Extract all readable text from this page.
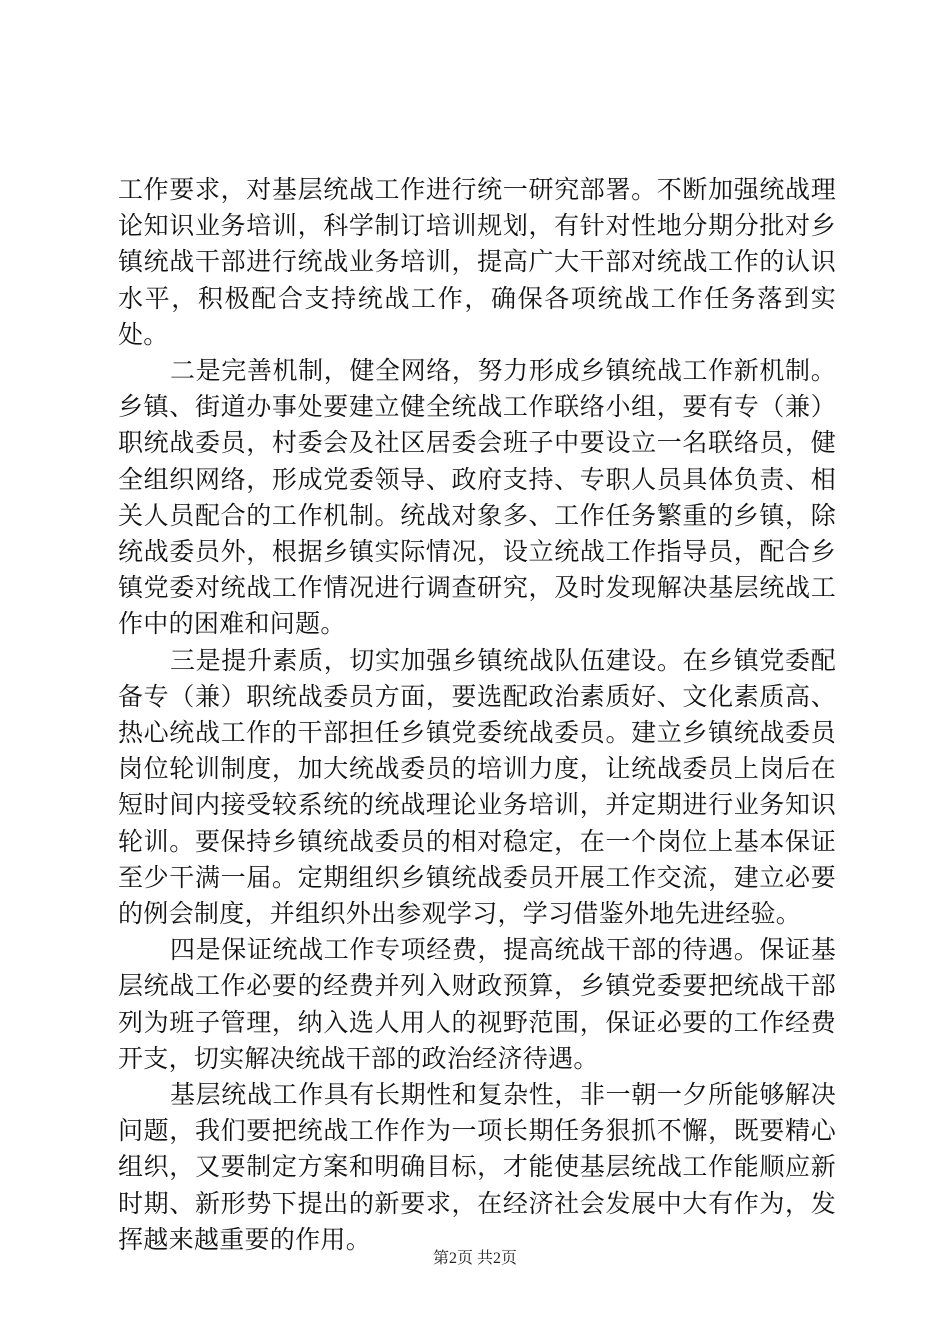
工作要求，对基层统战工作进行统一研究部署。不断加强统战理论知识业务培训，科学制订培训规划，有针对性地分期分批对乡镇统战干部进行统战业务培训，提高广大干部对统战工作的认识水平，积极配合支持统战工作，确保各项统战工作任务落到实处。

二是完善机制，健全网络，努力形成乡镇统战工作新机制。乡镇、街道办事处要建立健全统战工作联络小组，要有专（兼）职统战委员，村委会及社区居委会班子中要设立一名联络员，健全组织网络，形成党委领导、政府支持、专职人员具体负责、相关人员配合的工作机制。统战对象多、工作任务繁重的乡镇，除统战委员外，根据乡镇实际情况，设立统战工作指导员，配合乡镇党委对统战工作情况进行调查研究，及时发现解决基层统战工作中的困难和问题。

三是提升素质，切实加强乡镇统战队伍建设。在乡镇党委配备专（兼）职统战委员方面，要选配政治素质好、文化素质高、热心统战工作的干部担任乡镇党委统战委员。建立乡镇统战委员岗位轮训制度，加大统战委员的培训力度，让统战委员上岗后在短时间内接受较系统的统战理论业务培训，并定期进行业务知识轮训。要保持乡镇统战委员的相对稳定，在一个岗位上基本保证至少干满一届。定期组织乡镇统战委员开展工作交流，建立必要的例会制度，并组织外出参观学习，学习借鉴外地先进经验。

四是保证统战工作专项经费，提高统战干部的待遇。保证基层统战工作必要的经费并列入财政预算，乡镇党委要把统战干部列为班子管理，纳入选人用人的视野范围，保证必要的工作经费开支，切实解决统战干部的政治经济待遇。

基层统战工作具有长期性和复杂性，非一朝一夕所能够解决问题，我们要把统战工作作为一项长期任务狠抓不懈，既要精心组织，又要制定方案和明确目标，才能使基层统战工作能顺应新时期、新形势下提出的新要求，在经济社会发展中大有作为，发挥越来越重要的作用。

第2页 共2页
